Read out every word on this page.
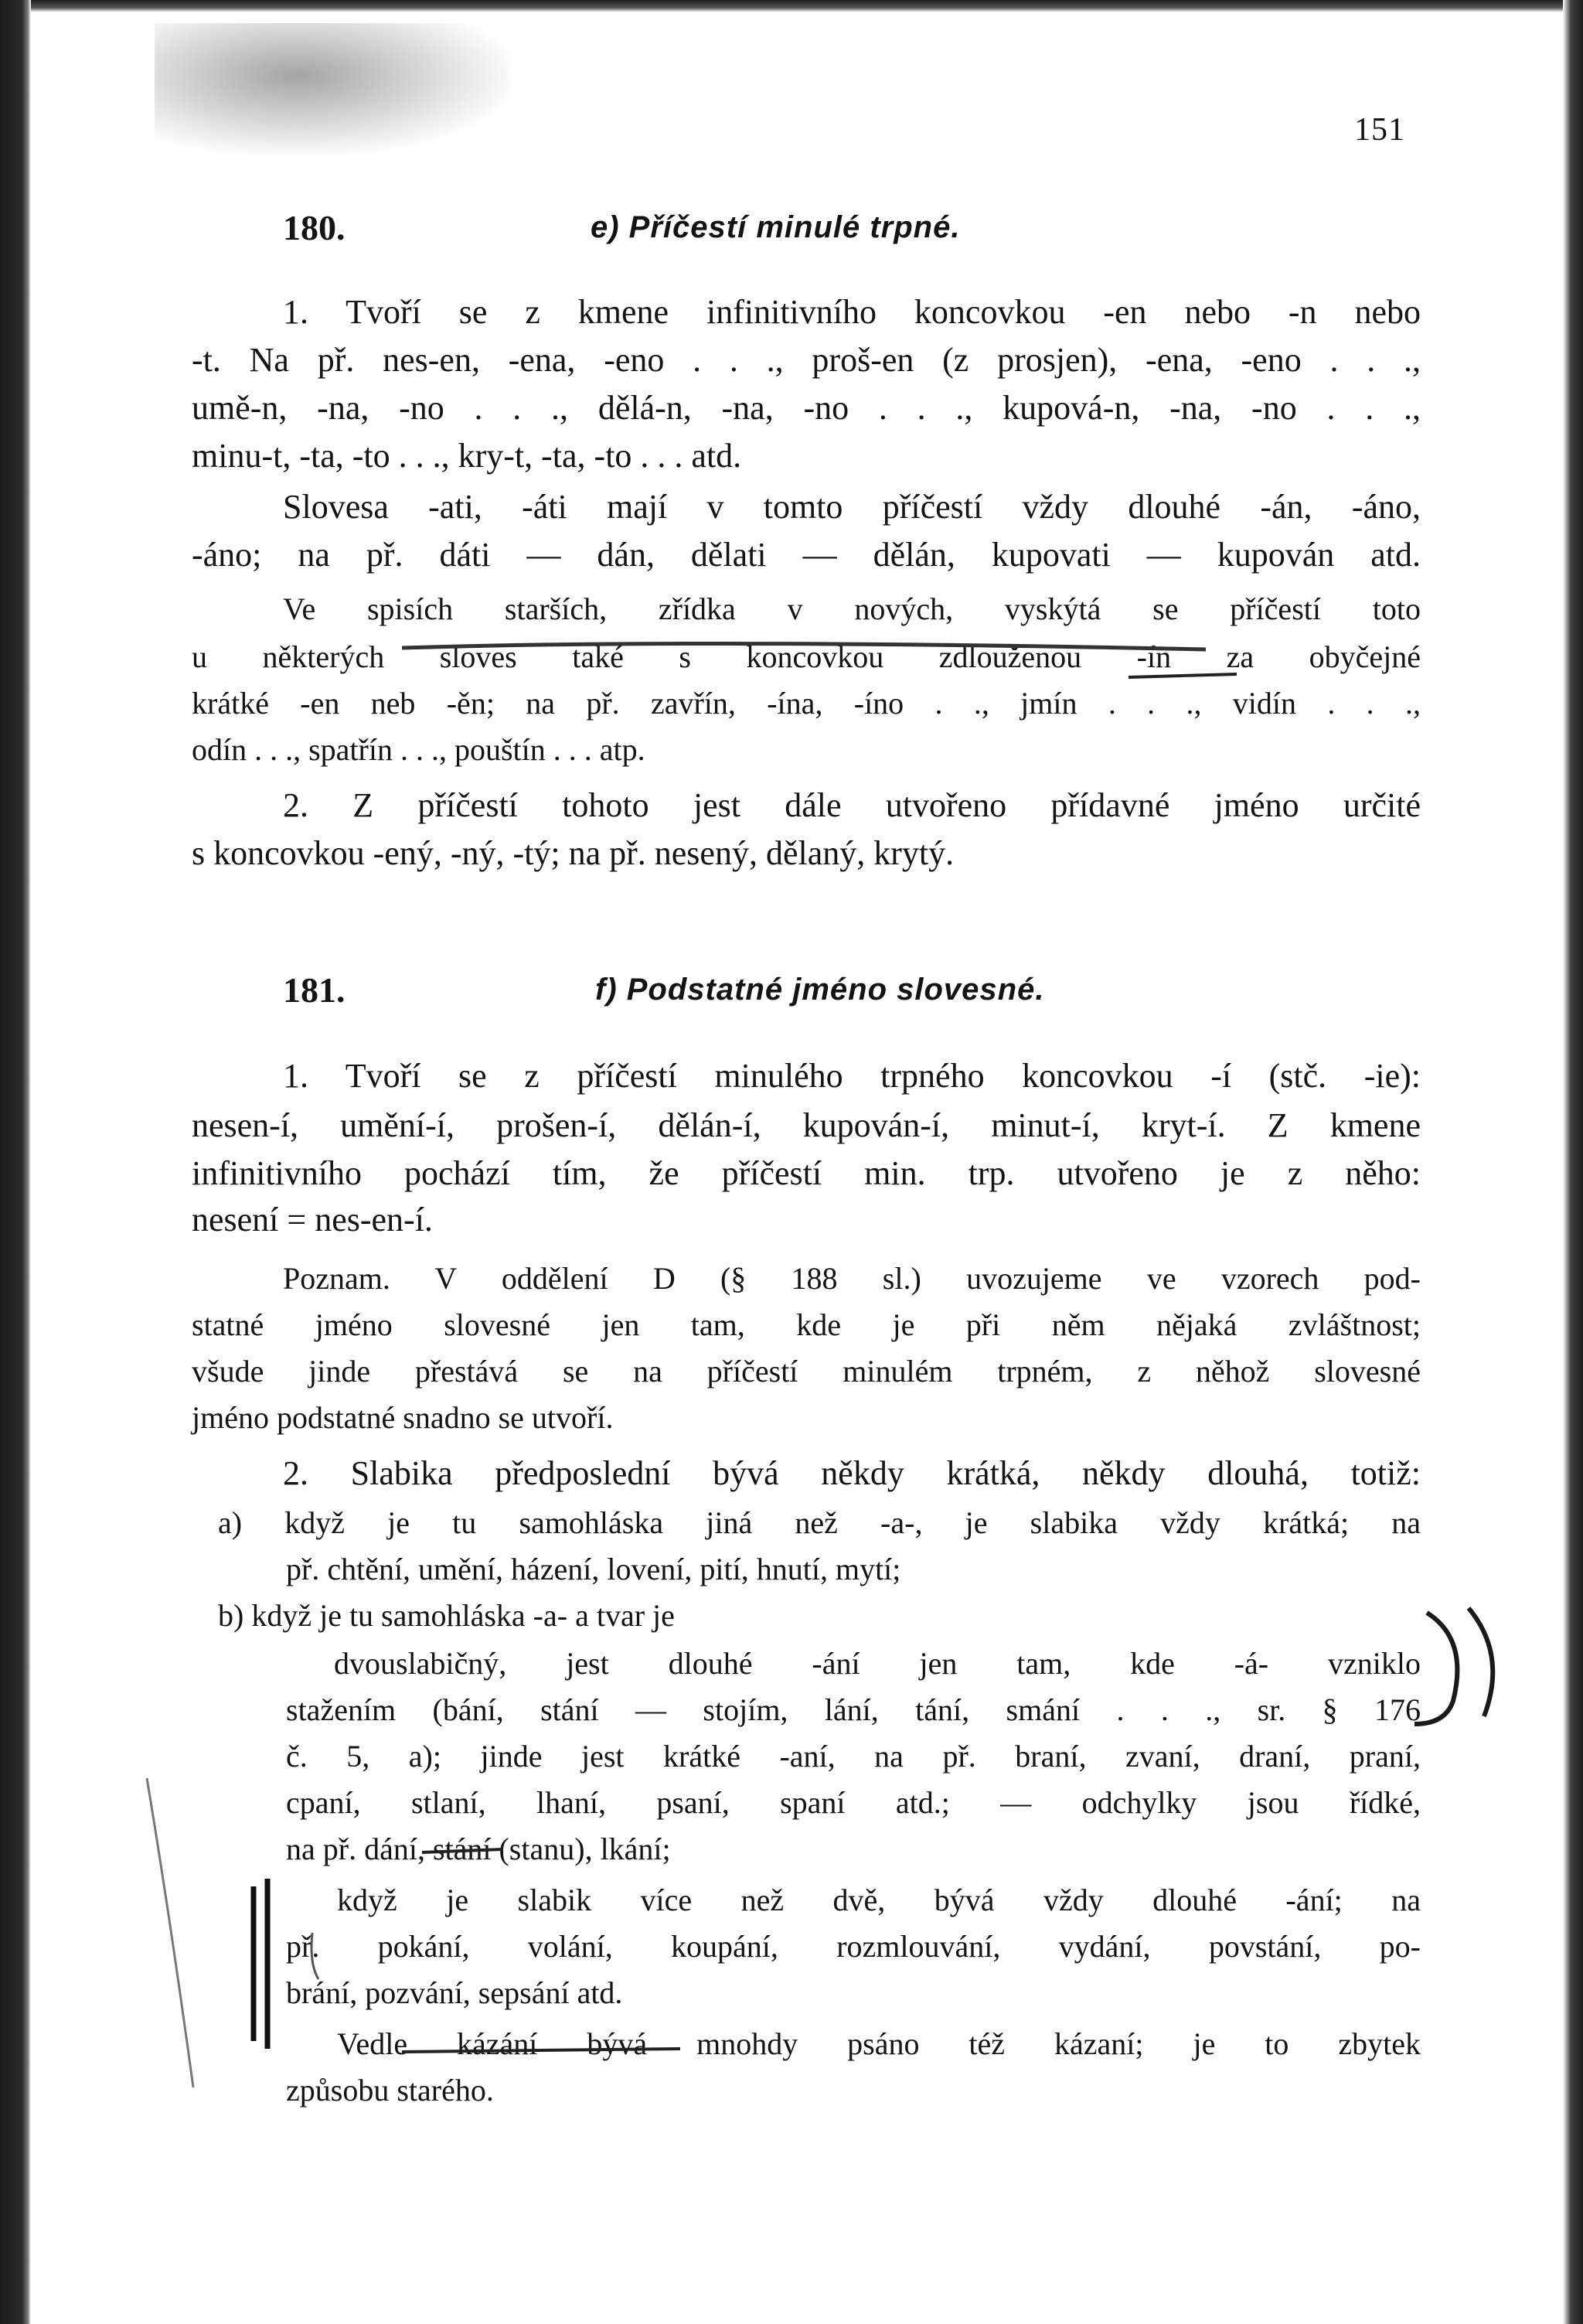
151
180.	e) Příčestí minulé trpné.
1. Tvoří se z kmene infinitivního koncovkou -en nebo -n nebo
-t. Na př. nes-en, -ena, -eno . . ., proš-en (z prosjen), -ena, -eno . . .,
umě-n, -na, -no . . ., dělá-n, -na, -no . . ., kupová-n, -na, -no . . .,
minu-t, -ta, -to . . ., kry-t, -ta, -to . . . atd.
Slovesa -ati, -áti mají v tomto příčestí vždy dlouhé -án, -áno,
-áno; na př. dáti — dán, dělati — dělán, kupovati — kupován atd.
Ve spisích starších, zřídka v nových, vyskýtá se příčestí toto
u některých sloves také s koncovkou zdlouženou -ín za obyčejné
krátké -en neb -ěn; na př. zavřín, -ína, -íno . ., jmín . . ., vidín . . .,
odín . . ., spatřín . . ., pouštín . . . atp.
2. Z příčestí tohoto jest dále utvořeno přídavné jméno určité
s koncovkou -ený, -ný, -tý; na př. nesený, dělaný, krytý.
181.	f) Podstatné jméno slovesné.
1. Tvoří se z příčestí minulého trpného koncovkou -í (stč. -ie):
nesen-í, umění-í, prošen-í, dělán-í, kupován-í, minut-í, kryt-í. Z kmene
infinitivního pochází tím, že příčestí min. trp. utvořeno je z něho:
nesení = nes-en-í.
Poznam. V oddělení D (§ 188 sl.) uvozujeme ve vzorech pod-
statné jméno slovesné jen tam, kde je při něm nějaká zvláštnost;
všude jinde přestává se na příčestí minulém trpném, z něhož slovesné
jméno podstatné snadno se utvoří.
2. Slabika předposlední bývá někdy krátká, někdy dlouhá, totiž:
a) když je tu samohláska jiná než -a-, je slabika vždy krátká; na
př. chtění, umění, házení, lovení, pití, hnutí, mytí;
b) když je tu samohláska -a- a tvar je
dvouslabičný, jest dlouhé -ání jen tam, kde -á- vzniklo
stažením (bání, stání — stojím, lání, tání, smání . . ., sr. § 176
č. 5, a); jinde jest krátké -aní, na př. braní, zvaní, draní, praní,
cpaní, stlaní, lhaní, psaní, spaní atd.; — odchylky jsou řídké,
na př. dání, stání (stanu), lkání;
když je slabik více než dvě, bývá vždy dlouhé -ání; na
př. pokání, volání, koupání, rozmlouvání, vydání, povstání, po-
brání, pozvání, sepsání atd.
Vedle kázání bývá mnohdy psáno též kázaní; je to zbytek
způsobu starého.
